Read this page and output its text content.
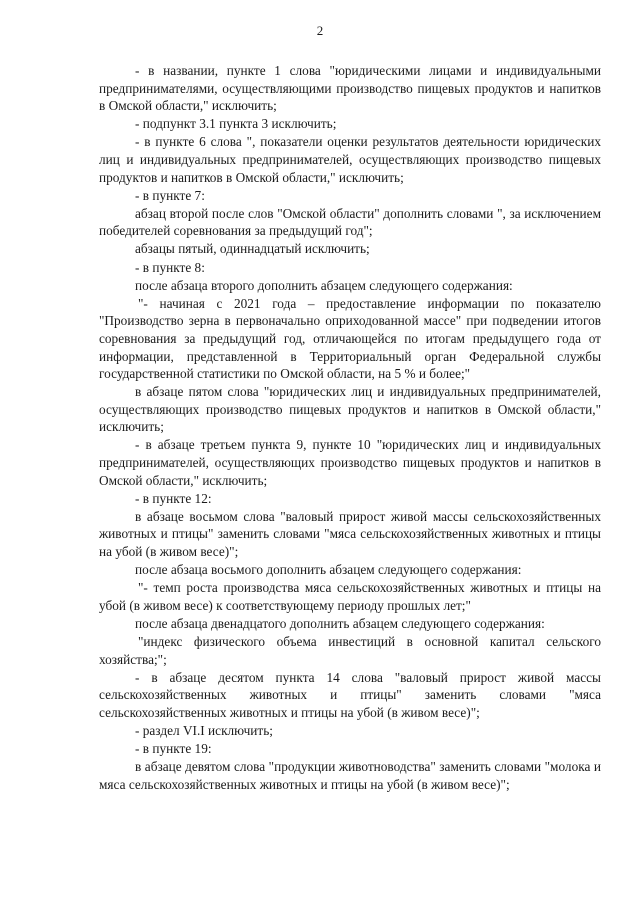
2

- в названии, пункте 1 слова "юридическими лицами и индивидуальными предпринимателями, осуществляющими производство пищевых продуктов и напитков в Омской области," исключить;

- подпункт 3.1 пункта 3 исключить;

- в пункте 6 слова ", показатели оценки результатов деятельности юридических лиц и индивидуальных предпринимателей, осуществляющих производство пищевых продуктов и напитков в Омской области," исключить;

- в пункте 7:

абзац второй после слов "Омской области" дополнить словами ", за исключением победителей соревнования за предыдущий год";

абзацы пятый, одиннадцатый исключить;

- в пункте 8:

после абзаца второго дополнить абзацем следующего содержания:

"- начиная с 2021 года – предоставление информации по показателю "Производство зерна в первоначально оприходованной массе" при подведении итогов соревнования за предыдущий год, отличающейся по итогам предыдущего года от информации, представленной в Территориальный орган Федеральной службы государственной статистики по Омской области, на 5 % и более;"

в абзаце пятом слова "юридических лиц и индивидуальных предпринимателей, осуществляющих производство пищевых продуктов и напитков в Омской области," исключить;

- в абзаце третьем пункта 9, пункте 10 "юридических лиц и индивидуальных предпринимателей, осуществляющих производство пищевых продуктов и напитков в Омской области," исключить;

- в пункте 12:

в абзаце восьмом слова "валовый прирост живой массы сельскохозяйственных животных и птицы" заменить словами "мяса сельскохозяйственных животных и птицы на убой (в живом весе)";

после абзаца восьмого дополнить абзацем следующего содержания:

"- темп роста производства мяса сельскохозяйственных животных и птицы на убой (в живом весе) к соответствующему периоду прошлых лет;"

после абзаца двенадцатого дополнить абзацем следующего содержания:

"индекс физического объема инвестиций в основной капитал сельского хозяйства;";

- в абзаце десятом пункта 14 слова "валовый прирост живой массы сельскохозяйственных животных и птицы" заменить словами "мяса сельскохозяйственных животных и птицы на убой (в живом весе)";

- раздел VI.I исключить;

- в пункте 19:

в абзаце девятом слова "продукции животноводства" заменить словами "молока и мяса сельскохозяйственных животных и птицы на убой (в живом весе)";
